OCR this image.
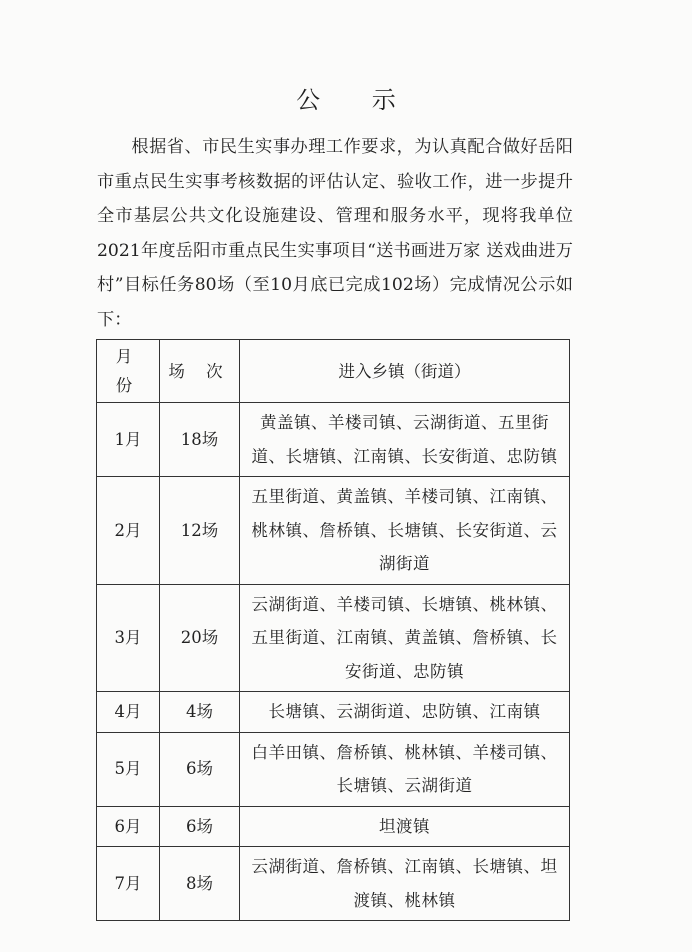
公 示

根据省、市民生实事办理工作要求，为认真配合做好岳阳市重点民生实事考核数据的评估认定、验收工作，进一步提升全市基层公共文化设施建设、管理和服务水平，现将我单位2021年度岳阳市重点民生实事项目“送书画进万家 送戏曲进万村”目标任务80场（至10月底已完成102场）完成情况公示如下：

月 份	场 次	进入乡镇（街道）
1月	18场	黄盖镇、羊楼司镇、云湖街道、五里街道、长塘镇、江南镇、长安街道、忠防镇
2月	12场	五里街道、黄盖镇、羊楼司镇、江南镇、桃林镇、詹桥镇、长塘镇、长安街道、云湖街道
3月	20场	云湖街道、羊楼司镇、长塘镇、桃林镇、五里街道、江南镇、黄盖镇、詹桥镇、长安街道、忠防镇
4月	4场	长塘镇、云湖街道、忠防镇、江南镇
5月	6场	白羊田镇、詹桥镇、桃林镇、羊楼司镇、长塘镇、云湖街道
6月	6场	坦渡镇
7月	8场	云湖街道、詹桥镇、江南镇、长塘镇、坦渡镇、桃林镇
